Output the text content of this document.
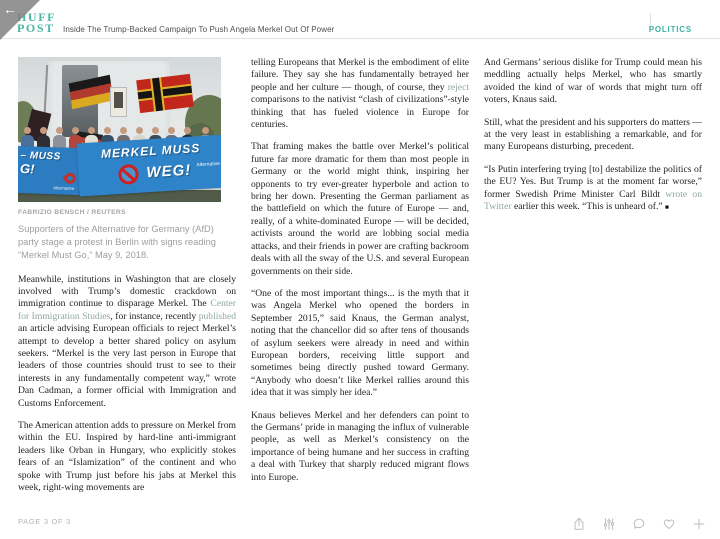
← HUFF
POST Inside The Trump-Backed Campaign To Push Angela Merkel Out Of Power	POLITICS
– MUSS
G!
Alternative
MERKEL MUSS
WEG! Alternative
FABRIZIO BENSCH / REUTERS
Supporters of the Alternative for Germany (AfD) party stage a protest in Berlin with signs reading “Merkel Must Go,” May 9, 2018.

Meanwhile, institutions in Washington that are closely involved with Trump’s domestic crackdown on immigration continue to disparage Merkel. The Center for Immigration Studies, for instance, recently published an article advising European officials to reject Merkel’s attempt to develop a better shared policy on asylum seekers. “Merkel is the very last person in Europe that leaders of those countries should trust to see to their interests in any fundamentally competent way,” wrote Dan Cadman, a former official with Immigration and Customs Enforcement.

The American attention adds to pressure on Merkel from within the EU. Inspired by hard-line anti-immigrant leaders like Orban in Hungary, who explicitly stokes fears of an “Islamization” of the continent and who spoke with Trump just before his jabs at Merkel this week, right-wing movements are

telling Europeans that Merkel is the embodiment of elite failure. They say she has fundamentally betrayed her people and her culture — though, of course, they reject comparisons to the nativist “clash of civilizations”-style thinking that has fueled violence in Europe for centuries.

That framing makes the battle over Merkel’s political future far more dramatic for them than most people in Germany or the world might think, inspiring her opponents to try ever-greater hyperbole and action to bring her down. Presenting the German parliament as the battlefield on which the future of Europe — and, really, of a white-dominated Europe — will be decided, activists around the world are lobbing social media attacks, and their friends in power are crafting backroom deals with all the sway of the U.S. and several European governments on their side.

“One of the most important things... is the myth that it was Angela Merkel who opened the borders in September 2015,” said Knaus, the German analyst, noting that the chancellor did so after tens of thousands of asylum seekers were already in need and within European borders, receiving little support and sometimes being directly pushed toward Germany. “Anybody who doesn’t like Merkel rallies around this idea that it was simply her idea.”

Knaus believes Merkel and her defenders can point to the Germans’ pride in managing the influx of vulnerable people, as well as Merkel’s consistency on the importance of being humane and her success in crafting a deal with Turkey that sharply reduced migrant flows into Europe.

And Germans’ serious dislike for Trump could mean his meddling actually helps Merkel, who has smartly avoided the kind of war of words that might turn off voters, Knaus said.

Still, what the president and his supporters do matters — at the very least in establishing a remarkable, and for many Europeans disturbing, precedent.

“Is Putin interfering trying [to] destabilize the politics of the EU? Yes. But Trump is at the moment far worse,” former Swedish Prime Minister Carl Bildt wrote on Twitter earlier this week. “This is unheard of.” ■

PAGE 3 OF 3
